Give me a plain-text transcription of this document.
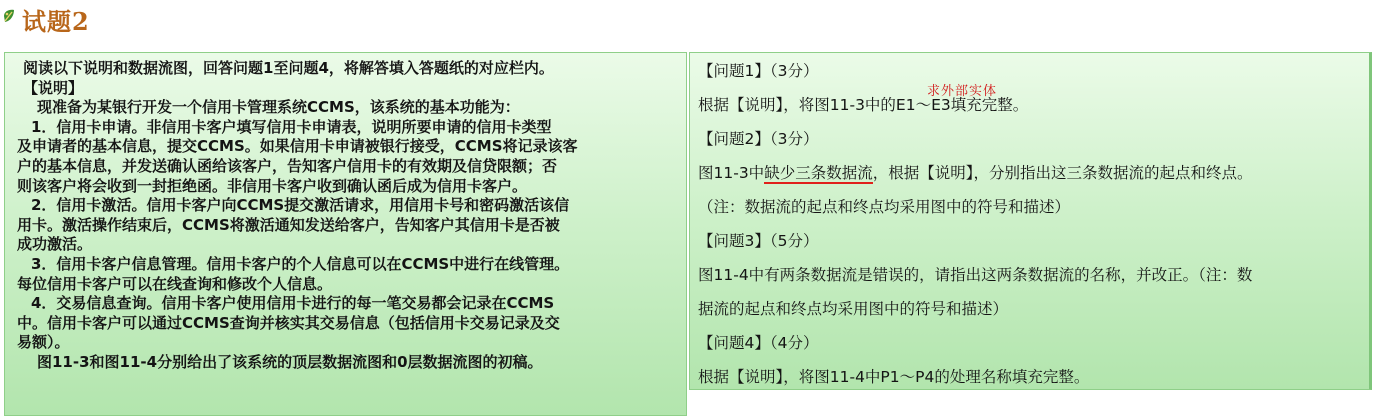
试题2
阅读以下说明和数据流图，回答问题1至问题4，将解答填入答题纸的对应栏内。
【说明】
现准备为某银行开发一个信用卡管理系统CCMS，该系统的基本功能为：
1．信用卡申请。非信用卡客户填写信用卡申请表，说明所要申请的信用卡类型
及申请者的基本信息，提交CCMS。如果信用卡申请被银行接受，CCMS将记录该客
户的基本信息，并发送确认函给该客户，告知客户信用卡的有效期及信贷限额；否
则该客户将会收到一封拒绝函。非信用卡客户收到确认函后成为信用卡客户。
2．信用卡激活。信用卡客户向CCMS提交激活请求，用信用卡号和密码激活该信
用卡。激活操作结束后，CCMS将激活通知发送给客户，告知客户其信用卡是否被
成功激活。
3．信用卡客户信息管理。信用卡客户的个人信息可以在CCMS中进行在线管理。
每位信用卡客户可以在线查询和修改个人信息。
4．交易信息查询。信用卡客户使用信用卡进行的每一笔交易都会记录在CCMS
中。信用卡客户可以通过CCMS查询并核实其交易信息（包括信用卡交易记录及交
易额）。
图11-3和图11-4分别给出了该系统的顶层数据流图和0层数据流图的初稿。
求外部实体
【问题1】（3分）
根据【说明】，将图11-3中的E1～E3填充完整。
【问题2】（3分）
图11-3中缺少三条数据流，根据【说明】，分别指出这三条数据流的起点和终点。
（注：数据流的起点和终点均采用图中的符号和描述）
【问题3】（5分）
图11-4中有两条数据流是错误的，请指出这两条数据流的名称，并改正。（注：数
据流的起点和终点均采用图中的符号和描述）
【问题4】（4分）
根据【说明】，将图11-4中P1～P4的处理名称填充完整。
